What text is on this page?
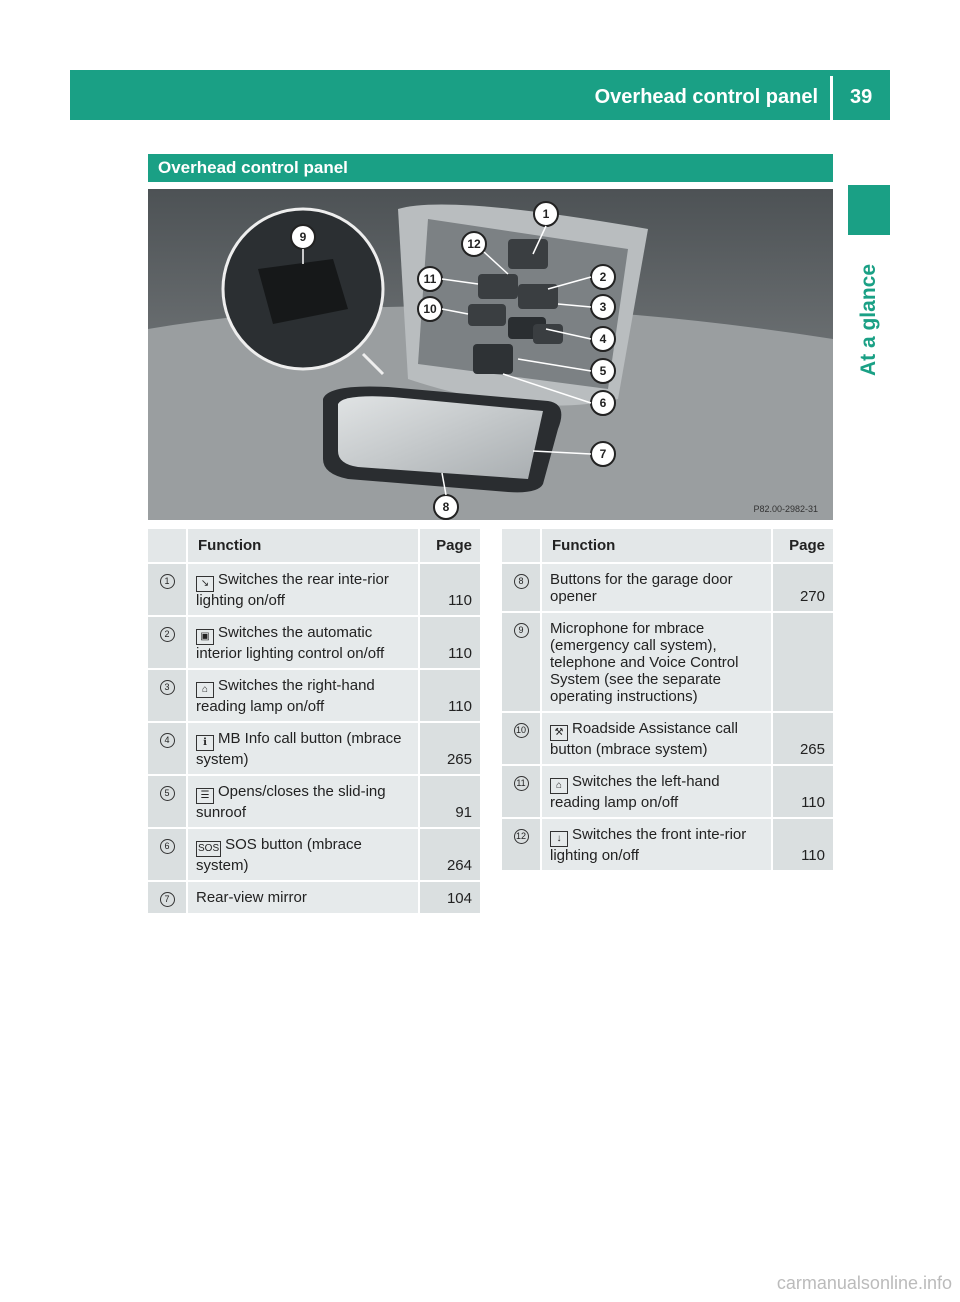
Overhead control panel 39
At a glance
Overhead control panel
1
2
3
4
5
6
7
8
9
10
11
12
P82.00-2982-31
	Function	Page
1	↘ Switches the rear inte-rior lighting on/off	110
2	▣ Switches the automatic interior lighting control on/off	110
3	⌂ Switches the right-hand reading lamp on/off	110
4	ℹ MB Info call button (mbrace system)	265
5	☰ Opens/closes the slid-ing sunroof	91
6	SOS SOS button (mbrace system)	264
7	Rear-view mirror	104
	Function	Page
8	Buttons for the garage door opener	270
9	Microphone for mbrace (emergency call system), telephone and Voice Control System (see the separate operating instructions)	
10	⚒ Roadside Assistance call button (mbrace system)	265
11	⌂ Switches the left-hand reading lamp on/off	110
12	↓ Switches the front inte-rior lighting on/off	110
carmanualsonline.info
